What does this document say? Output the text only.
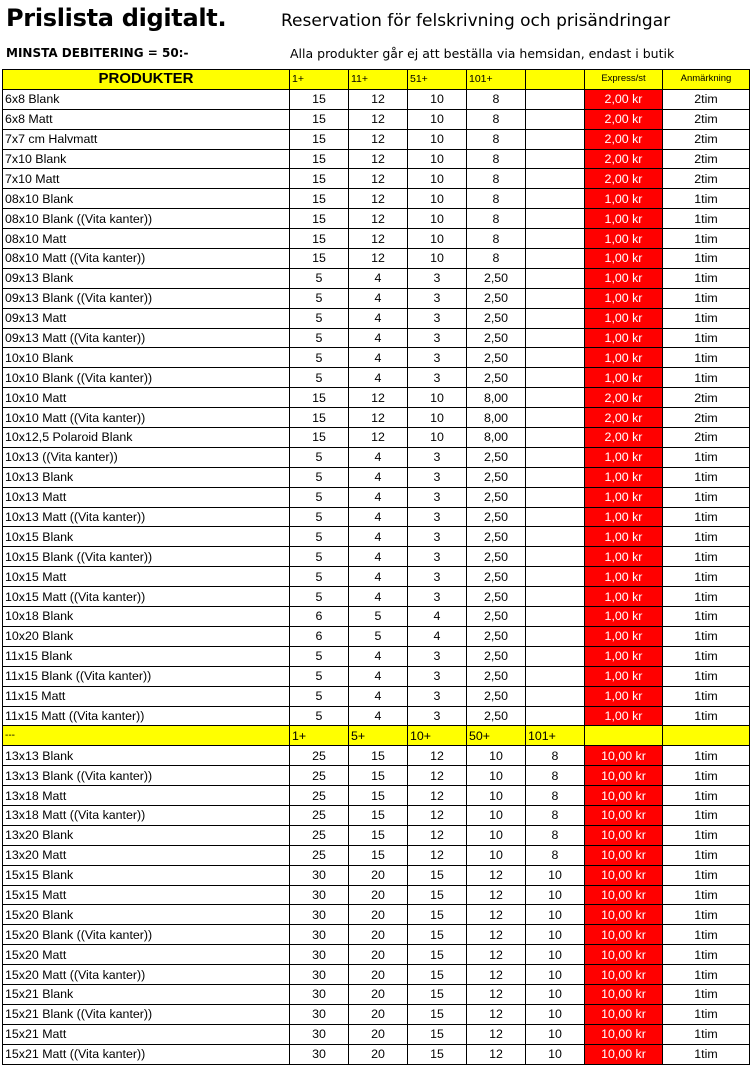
Prislista digitalt.	Reservation för felskrivning och prisändringar
MINSTA DEBITERING = 50:-	Alla produkter går ej att beställa via hemsidan, endast i butik
PRODUKTER	1+	11+	51+	101+		Express/st	Anmärkning
6x8 Blank	15	12	10	8		2,00 kr	2tim
6x8 Matt	15	12	10	8		2,00 kr	2tim
7x7 cm Halvmatt	15	12	10	8		2,00 kr	2tim
7x10 Blank	15	12	10	8		2,00 kr	2tim
7x10 Matt	15	12	10	8		2,00 kr	2tim
08x10 Blank	15	12	10	8		1,00 kr	1tim
08x10 Blank ((Vita kanter))	15	12	10	8		1,00 kr	1tim
08x10 Matt	15	12	10	8		1,00 kr	1tim
08x10 Matt ((Vita kanter))	15	12	10	8		1,00 kr	1tim
09x13 Blank	5	4	3	2,50		1,00 kr	1tim
09x13 Blank ((Vita kanter))	5	4	3	2,50		1,00 kr	1tim
09x13 Matt	5	4	3	2,50		1,00 kr	1tim
09x13 Matt ((Vita kanter))	5	4	3	2,50		1,00 kr	1tim
10x10 Blank	5	4	3	2,50		1,00 kr	1tim
10x10 Blank ((Vita kanter))	5	4	3	2,50		1,00 kr	1tim
10x10 Matt	15	12	10	8,00		2,00 kr	2tim
10x10 Matt ((Vita kanter))	15	12	10	8,00		2,00 kr	2tim
10x12,5 Polaroid Blank	15	12	10	8,00		2,00 kr	2tim
10x13 ((Vita kanter))	5	4	3	2,50		1,00 kr	1tim
10x13 Blank	5	4	3	2,50		1,00 kr	1tim
10x13 Matt	5	4	3	2,50		1,00 kr	1tim
10x13 Matt ((Vita kanter))	5	4	3	2,50		1,00 kr	1tim
10x15 Blank	5	4	3	2,50		1,00 kr	1tim
10x15 Blank ((Vita kanter))	5	4	3	2,50		1,00 kr	1tim
10x15 Matt	5	4	3	2,50		1,00 kr	1tim
10x15 Matt ((Vita kanter))	5	4	3	2,50		1,00 kr	1tim
10x18 Blank	6	5	4	2,50		1,00 kr	1tim
10x20 Blank	6	5	4	2,50		1,00 kr	1tim
11x15 Blank	5	4	3	2,50		1,00 kr	1tim
11x15 Blank ((Vita kanter))	5	4	3	2,50		1,00 kr	1tim
11x15 Matt	5	4	3	2,50		1,00 kr	1tim
11x15 Matt ((Vita kanter))	5	4	3	2,50		1,00 kr	1tim
---	1+	5+	10+	50+	101+		
13x13 Blank	25	15	12	10	8	10,00 kr	1tim
13x13 Blank ((Vita kanter))	25	15	12	10	8	10,00 kr	1tim
13x18 Matt	25	15	12	10	8	10,00 kr	1tim
13x18 Matt ((Vita kanter))	25	15	12	10	8	10,00 kr	1tim
13x20 Blank	25	15	12	10	8	10,00 kr	1tim
13x20 Matt	25	15	12	10	8	10,00 kr	1tim
15x15 Blank	30	20	15	12	10	10,00 kr	1tim
15x15 Matt	30	20	15	12	10	10,00 kr	1tim
15x20 Blank	30	20	15	12	10	10,00 kr	1tim
15x20 Blank ((Vita kanter))	30	20	15	12	10	10,00 kr	1tim
15x20 Matt	30	20	15	12	10	10,00 kr	1tim
15x20 Matt ((Vita kanter))	30	20	15	12	10	10,00 kr	1tim
15x21 Blank	30	20	15	12	10	10,00 kr	1tim
15x21 Blank ((Vita kanter))	30	20	15	12	10	10,00 kr	1tim
15x21 Matt	30	20	15	12	10	10,00 kr	1tim
15x21 Matt ((Vita kanter))	30	20	15	12	10	10,00 kr	1tim
